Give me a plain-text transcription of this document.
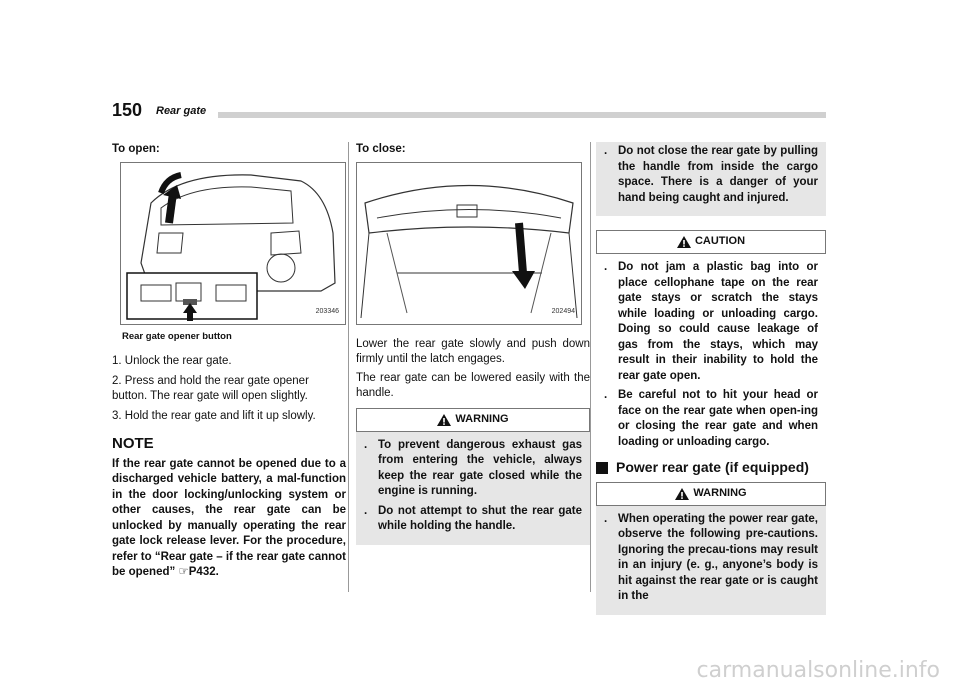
150 Rear gate
To open:
203346
Rear gate opener button
1. Unlock the rear gate.
2. Press and hold the rear gate opener button. The rear gate will open slightly.
3. Hold the rear gate and lift it up slowly.
NOTE
If the rear gate cannot be opened due to a discharged vehicle battery, a mal-function in the door locking/unlocking system or other causes, the rear gate can be unlocked by manually operating the rear gate lock release lever. For the procedure, refer to “Rear gate – if the rear gate cannot be opened” ☞P432.
To close:
202494

Lower the rear gate slowly and push down firmly until the latch engages.

The rear gate can be lowered easily with the handle.

WARNING
. To prevent dangerous exhaust gas from entering the vehicle, always keep the rear gate closed while the engine is running.
. Do not attempt to shut the rear gate while holding the handle.
. Do not close the rear gate by pulling the handle from inside the cargo space. There is a danger of your hand being caught and injured.
CAUTION
. Do not jam a plastic bag into or place cellophane tape on the rear gate stays or scratch the stays while loading or unloading cargo. Doing so could cause leakage of gas from the stays, which may result in their inability to hold the rear gate open.
. Be careful not to hit your head or face on the rear gate when open-ing or closing the rear gate and when loading or unloading cargo.
Power rear gate (if equipped)
WARNING
. When operating the power rear gate, observe the following pre-cautions. Ignoring the precau-tions may result in an injury (e. g., anyone’s body is hit against the rear gate or is caught in the
carmanualsonline.info
